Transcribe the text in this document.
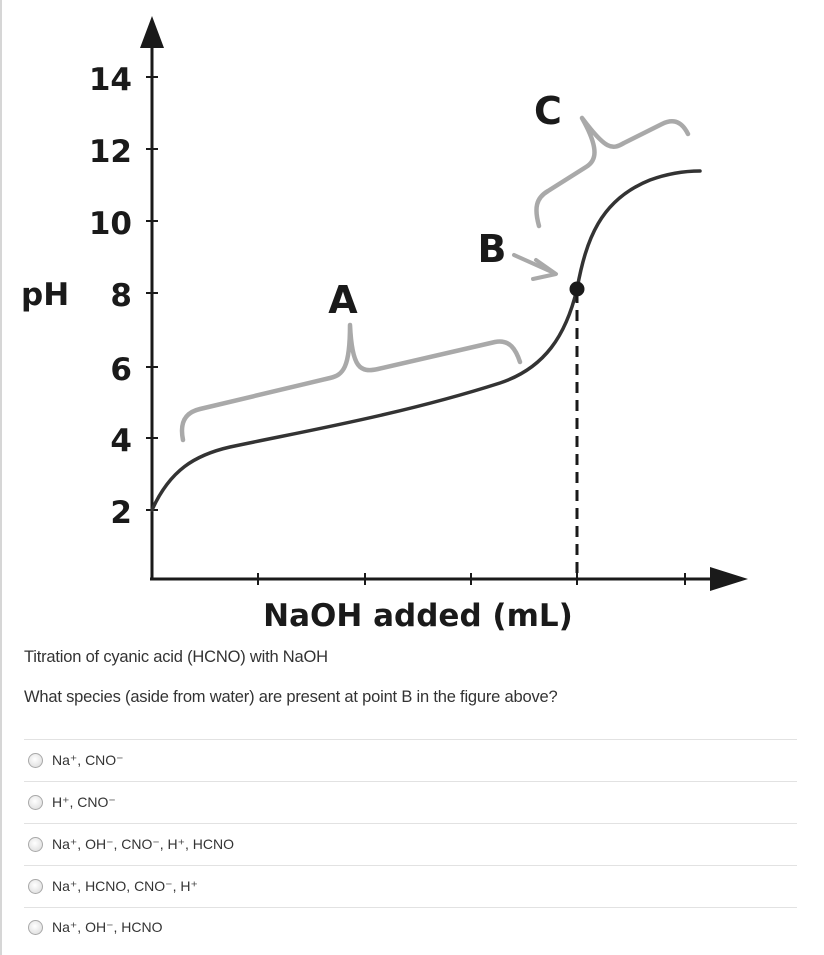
14
12
10
8
6
4
2
pH
NaOH added (mL)
A
B
C
Titration of cyanic acid (HCNO) with NaOH
What species (aside from water) are present at point B in the figure above?
Na⁺, CNO⁻
H⁺, CNO⁻
Na⁺, OH⁻, CNO⁻, H⁺, HCNO
Na⁺, HCNO, CNO⁻, H⁺
Na⁺, OH⁻, HCNO
